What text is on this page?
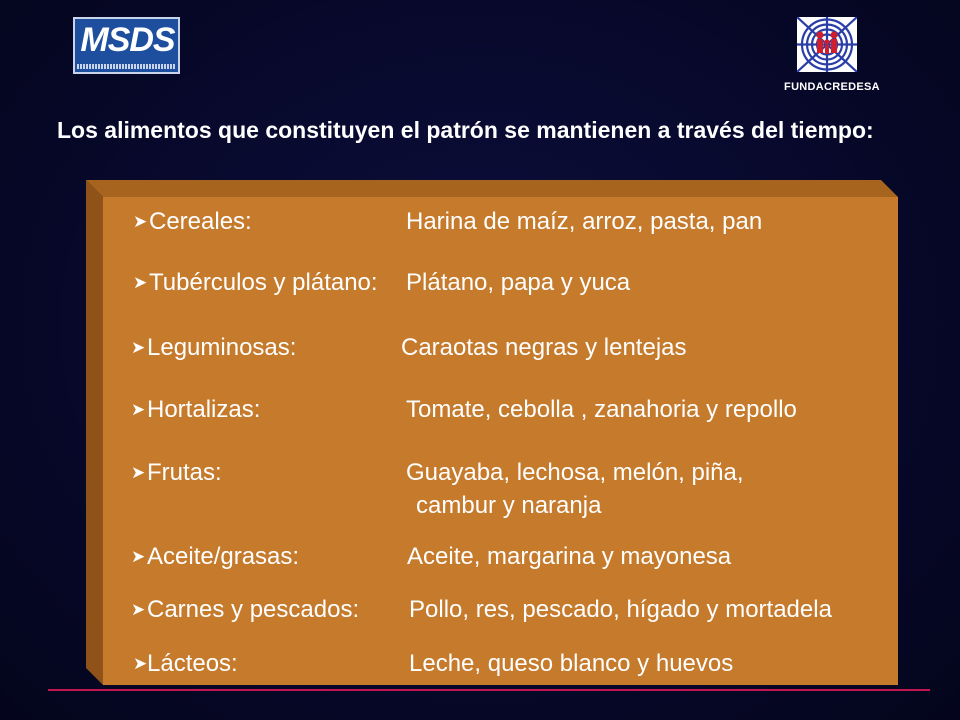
MSDS
FUNDACREDESA
Los alimentos que constituyen el patrón se mantienen a través del tiempo:
➤ Cereales:	Harina de maíz, arroz, pasta, pan
➤ Tubérculos y plátano: Plátano, papa y yuca
➤ Leguminosas:	Caraotas negras y lentejas
➤ Hortalizas:	Tomate, cebolla , zanahoria y repollo
➤ Frutas:	Guayaba, lechosa, melón, piña,
cambur y naranja
➤ Aceite/grasas:	Aceite, margarina y mayonesa
➤ Carnes y pescados: Pollo, res, pescado, hígado y mortadela
➤ Lácteos:	Leche, queso blanco y huevos
